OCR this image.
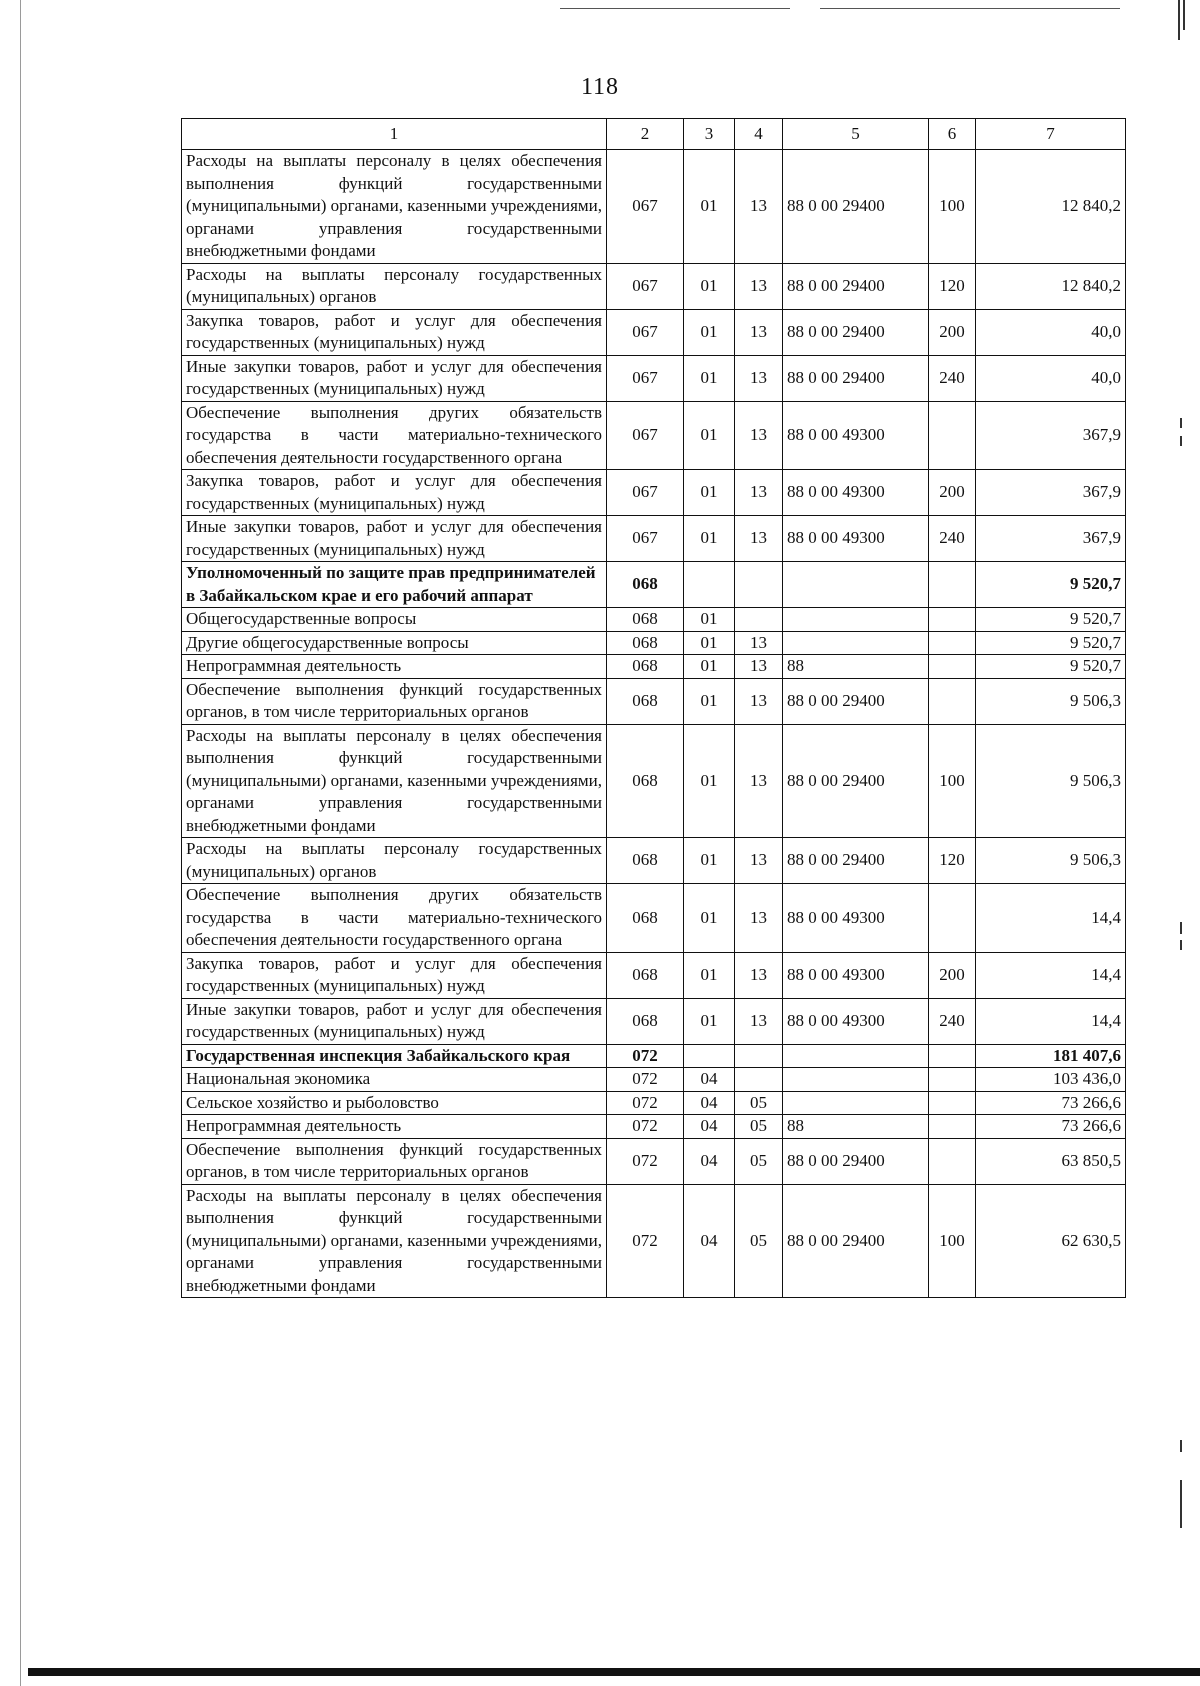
118
1	2	3	4	5	6	7
Расходы на выплаты персоналу в целях обеспечения выполнения функций государственными (муниципальными) органами, казенными учреждениями, органами управления государственными внебюджетными фондами	067	01	13	88 0 00 29400	100	12 840,2
Расходы на выплаты персоналу государственных (муниципальных) органов	067	01	13	88 0 00 29400	120	12 840,2
Закупка товаров, работ и услуг для обеспечения государственных (муниципальных) нужд	067	01	13	88 0 00 29400	200	40,0
Иные закупки товаров, работ и услуг для обеспечения государственных (муниципальных) нужд	067	01	13	88 0 00 29400	240	40,0
Обеспечение выполнения других обязательств государства в части материально-технического обеспечения деятельности государственного органа	067	01	13	88 0 00 49300		367,9
Закупка товаров, работ и услуг для обеспечения государственных (муниципальных) нужд	067	01	13	88 0 00 49300	200	367,9
Иные закупки товаров, работ и услуг для обеспечения государственных (муниципальных) нужд	067	01	13	88 0 00 49300	240	367,9
Уполномоченный по защите прав предпринимателей в Забайкальском крае и его рабочий аппарат	068					9 520,7
Общегосударственные вопросы	068	01				9 520,7
Другие общегосударственные вопросы	068	01	13			9 520,7
Непрограммная деятельность	068	01	13	88		9 520,7
Обеспечение выполнения функций государственных органов, в том числе территориальных органов	068	01	13	88 0 00 29400		9 506,3
Расходы на выплаты персоналу в целях обеспечения выполнения функций государственными (муниципальными) органами, казенными учреждениями, органами управления государственными внебюджетными фондами	068	01	13	88 0 00 29400	100	9 506,3
Расходы на выплаты персоналу государственных (муниципальных) органов	068	01	13	88 0 00 29400	120	9 506,3
Обеспечение выполнения других обязательств государства в части материально-технического обеспечения деятельности государственного органа	068	01	13	88 0 00 49300		14,4
Закупка товаров, работ и услуг для обеспечения государственных (муниципальных) нужд	068	01	13	88 0 00 49300	200	14,4
Иные закупки товаров, работ и услуг для обеспечения государственных (муниципальных) нужд	068	01	13	88 0 00 49300	240	14,4
Государственная инспекция Забайкальского края	072					181 407,6
Национальная экономика	072	04				103 436,0
Сельское хозяйство и рыболовство	072	04	05			73 266,6
Непрограммная деятельность	072	04	05	88		73 266,6
Обеспечение выполнения функций государственных органов, в том числе территориальных органов	072	04	05	88 0 00 29400		63 850,5
Расходы на выплаты персоналу в целях обеспечения выполнения функций государственными (муниципальными) органами, казенными учреждениями, органами управления государственными внебюджетными фондами	072	04	05	88 0 00 29400	100	62 630,5
